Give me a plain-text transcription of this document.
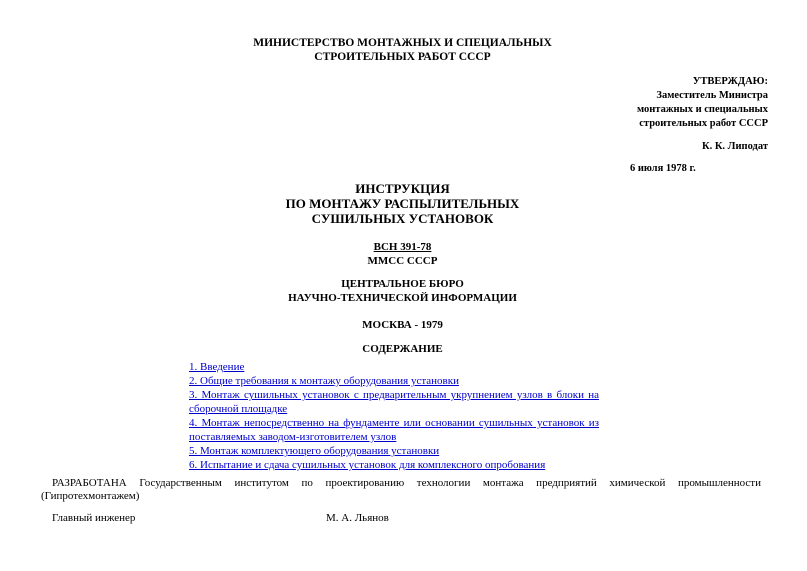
МИНИСТЕРСТВО МОНТАЖНЫХ И СПЕЦИАЛЬНЫХ
СТРОИТЕЛЬНЫХ РАБОТ СССР
УТВЕРЖДАЮ:
Заместитель Министра
монтажных и специальных
строительных работ СССР
К. К. Липодат
6 июля 1978 г.
ИНСТРУКЦИЯ
ПО МОНТАЖУ РАСПЫЛИТЕЛЬНЫХ
СУШИЛЬНЫХ УСТАНОВОК
ВСН 391-78
ММСС СССР
ЦЕНТРАЛЬНОЕ БЮРО
НАУЧНО-ТЕХНИЧЕСКОЙ ИНФОРМАЦИИ
МОСКВА - 1979
СОДЕРЖАНИЕ
1. Введение
2. Общие требования к монтажу оборудования установки
3. Монтаж сушильных установок с предварительным укрупнением узлов в блоки на сборочной площадке
4. Монтаж непосредственно на фундаменте или основании сушильных установок из поставляемых заводом-изготовителем узлов
5. Монтаж комплектующего оборудования установки
6. Испытание и сдача сушильных установок для комплексного опробования
РАЗРАБОТАНА Государственным институтом по проектированию технологии монтажа предприятий химической промышленности (Гипротехмонтажем)
Главный инженер	М. А. Льянов
